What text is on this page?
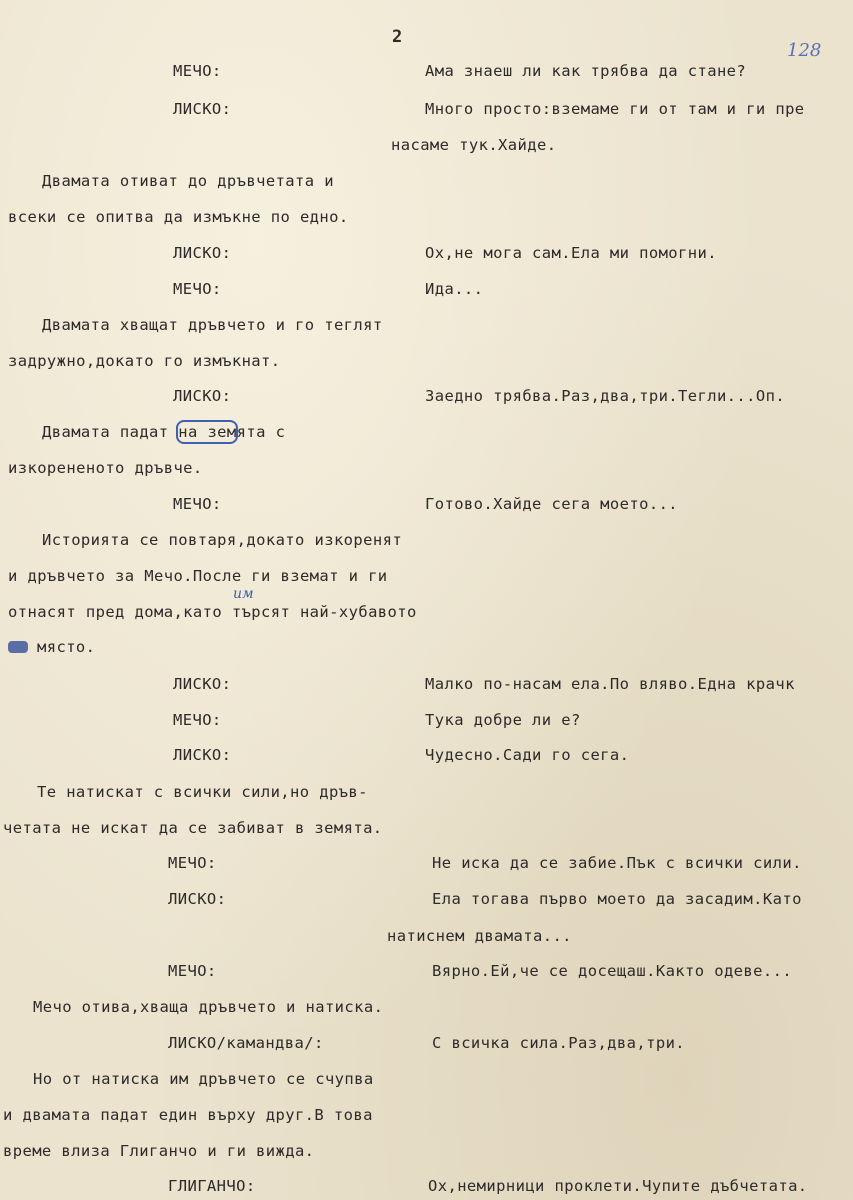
2
128
МЕЧО:	Ама знаеш ли как трябва да стане?
ЛИСКО:	Много просто:вземаме ги от там и ги пре
насаме тук.Хайде.
Двамата отиват до дръвчетата и
всеки се опитва да измъкне по едно.
ЛИСКО:	Ох,не мога сам.Ела ми помогни.
МЕЧО:	Ида...
Двамата хващат дръвчето и го теглят
задружно,докато го измъкнат.
ЛИСКО:	Заедно трябва.Раз,два,три.Тегли...Оп.
Двамата падат на земята с
изкорененото дръвче.
МЕЧО:	Готово.Хайде сега моето...
Историята се повтаря,докато изкоренят
и дръвчето за Мечо.После ги вземат и ги
им
отнасят пред дома,като търсят най-хубавото
място.
ЛИСКО:	Малко по-насам ела.По вляво.Една крачк
МЕЧО:	Тука добре ли е?
ЛИСКО:	Чудесно.Сади го сега.
Те натискат с всички сили,но дръв-
четата не искат да се забиват в земята.
МЕЧО:	Не иска да се забие.Пък с всички сили.
ЛИСКО:	Ела тогава първо моето да засадим.Като
натиснем двамата...
МЕЧО:	Вярно.Ей,че се досещаш.Както одеве...
Мечо отива,хваща дръвчето и натиска.
ЛИСКО/камандва/:	С всичка сила.Раз,два,три.
Но от натиска им дръвчето се счупва
и двамата падат един върху друг.В това
време влиза Глиганчо и ги вижда.
ГЛИГАНЧО:	Ох,немирници проклети.Чупите дъбчетата.
